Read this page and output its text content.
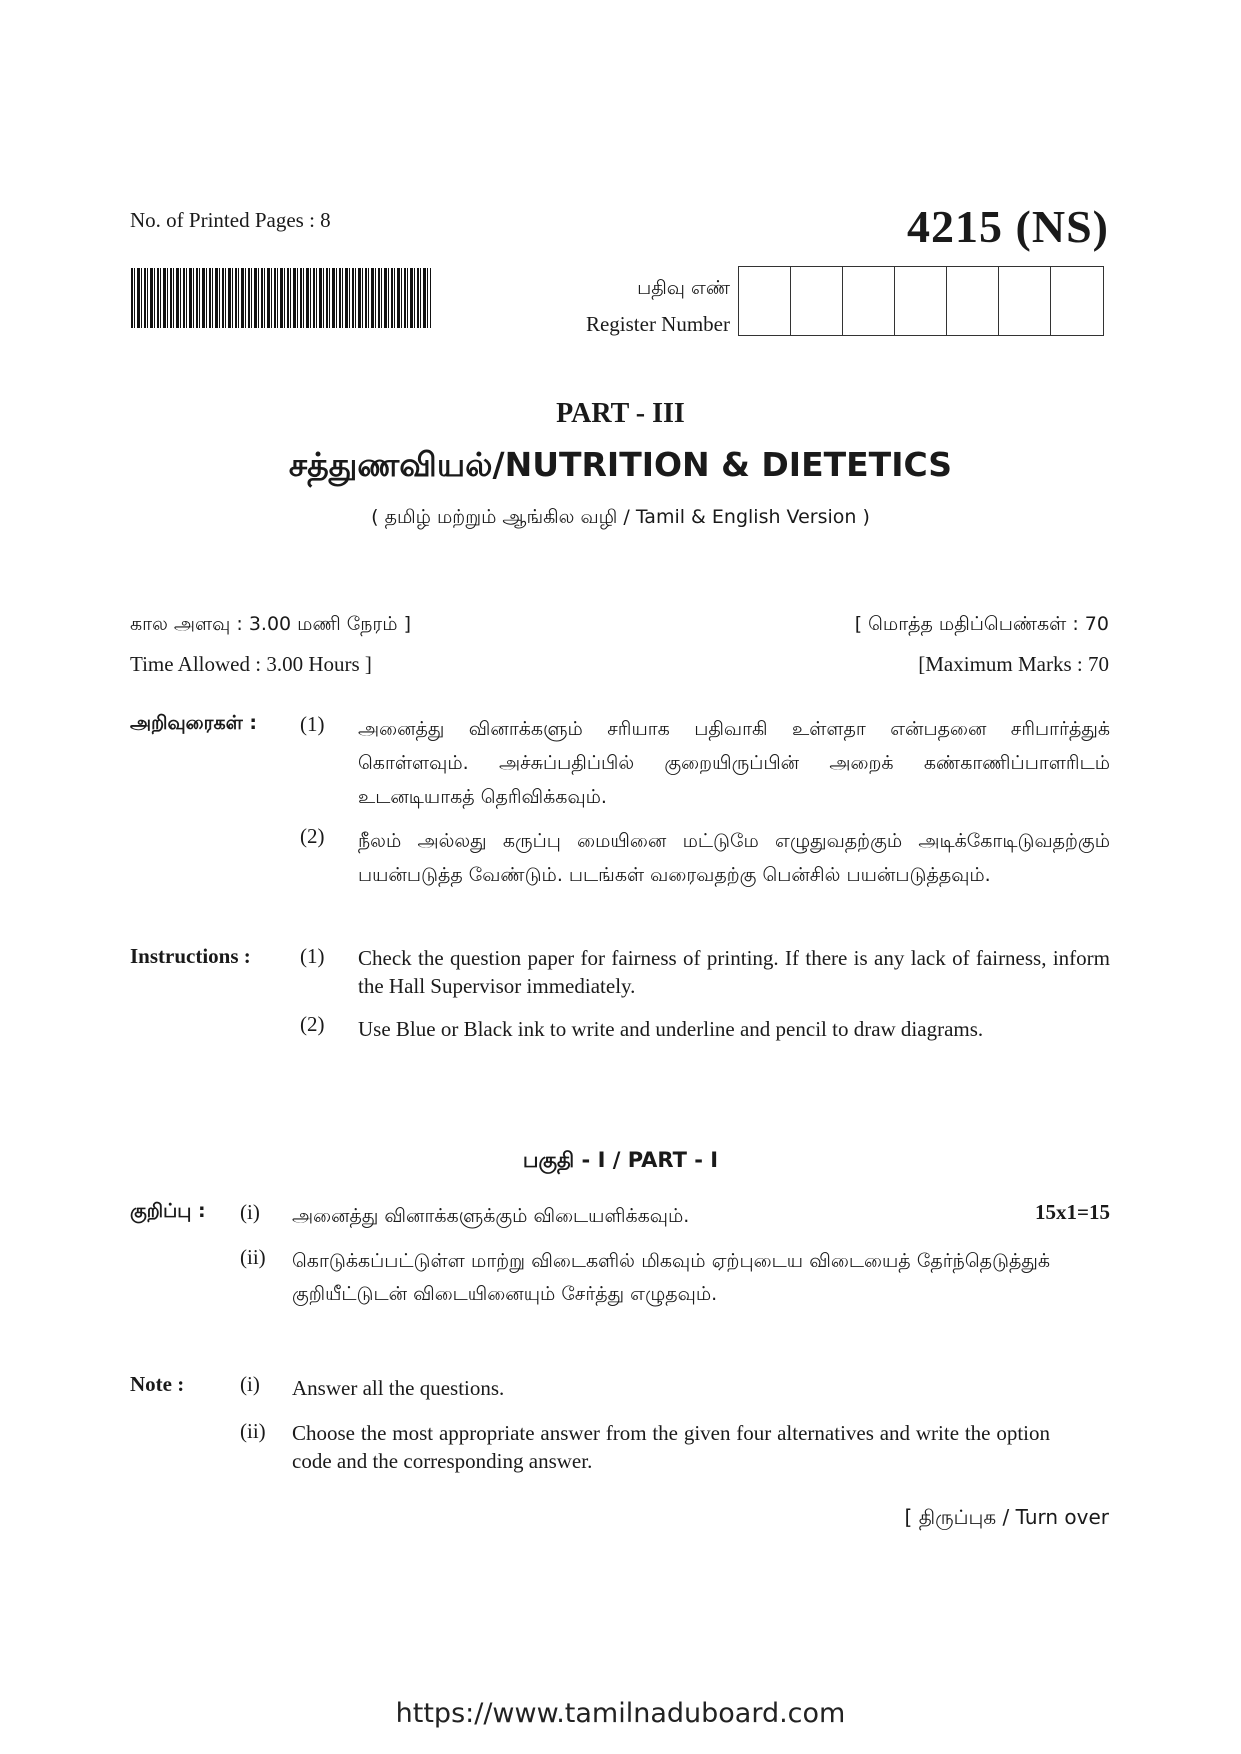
No. of Printed Pages : 8	4215 (NS)
பதிவு எண்
Register Number
PART - III
சத்துணவியல்/NUTRITION & DIETETICS
( தமிழ் மற்றும் ஆங்கில வழி / Tamil & English Version )
கால அளவு : 3.00 மணி நேரம் ]
Time Allowed : 3.00 Hours ]
[ மொத்த மதிப்பெண்கள் : 70
[Maximum Marks : 70
அறிவுரைகள் :	(1)	அனைத்து வினாக்களும் சரியாக பதிவாகி உள்ளதா என்பதனை சரிபார்த்துக் கொள்ளவும். அச்சுப்பதிப்பில் குறையிருப்பின் அறைக் கண்காணிப்பாளரிடம் உடனடியாகத் தெரிவிக்கவும்.
(2)	நீலம் அல்லது கருப்பு மையினை மட்டுமே எழுதுவதற்கும் அடிக்கோடிடுவதற்கும் பயன்படுத்த வேண்டும். படங்கள் வரைவதற்கு பென்சில் பயன்படுத்தவும்.
Instructions :	(1)	Check the question paper for fairness of printing. If there is any lack of fairness, inform the Hall Supervisor immediately.
(2)	Use Blue or Black ink to write and underline and pencil to draw diagrams.
பகுதி - I / PART - I
குறிப்பு :	(i)	அனைத்து வினாக்களுக்கும் விடையளிக்கவும்.	15x1=15
(ii)	கொடுக்கப்பட்டுள்ள மாற்று விடைகளில் மிகவும் ஏற்புடைய விடையைத் தேர்ந்தெடுத்துக் குறியீட்டுடன் விடையினையும் சேர்த்து எழுதவும்.
Note :	(i)	Answer all the questions.
(ii)	Choose the most appropriate answer from the given four alternatives and write the option code and the corresponding answer.
[ திருப்புக / Turn over
https://www.tamilnaduboard.com
